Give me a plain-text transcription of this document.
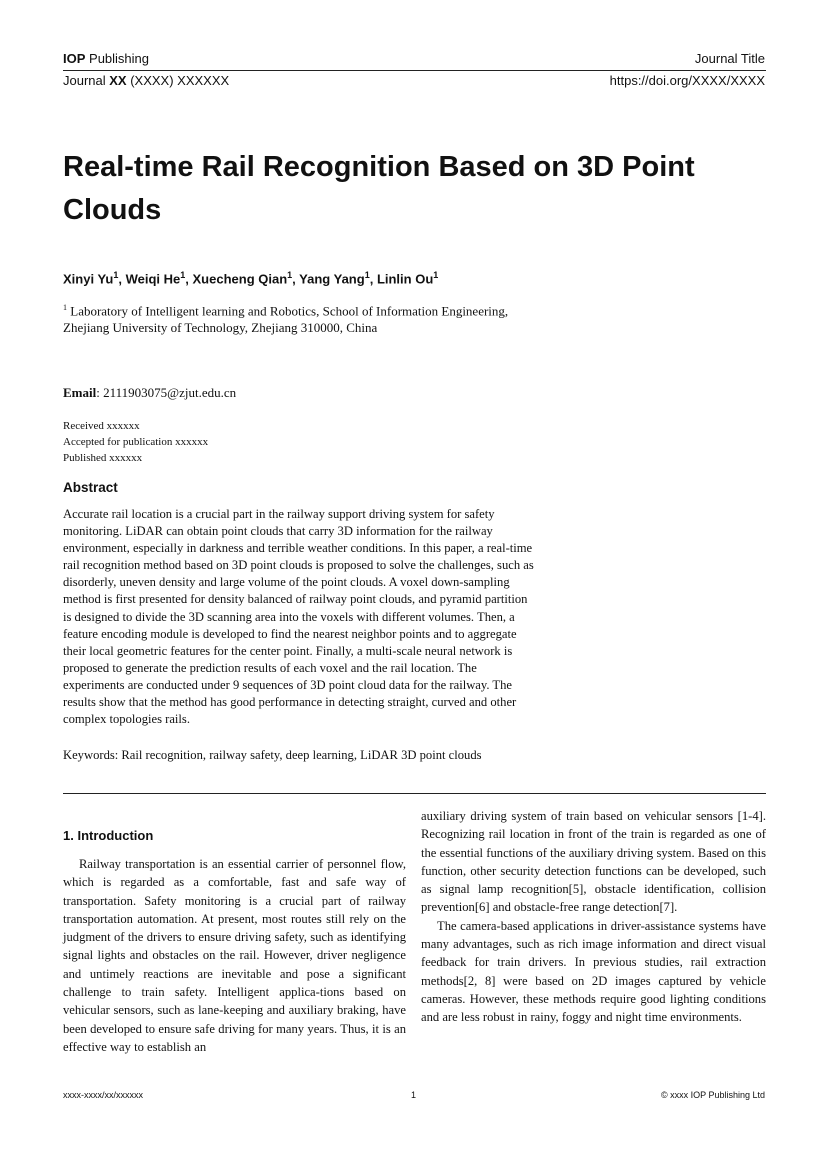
IOP Publishing	Journal Title
Journal XX (XXXX) XXXXXX	https://doi.org/XXXX/XXXX
Real-time Rail Recognition Based on 3D Point Clouds
Xinyi Yu$^1$, Weiqi He$^1$, Xuecheng Qian$^1$, Yang Yang$^1$, Linlin Ou$^1$
$^1$ Laboratory of Intelligent learning and Robotics, School of Information Engineering,
Zhejiang University of Technology, Zhejiang 310000, China
Email: 2111903075@zjut.edu.cn
Received xxxxxx
Accepted for publication xxxxxx
Published xxxxxx
Abstract
Accurate rail location is a crucial part in the railway support driving system for safety
monitoring. LiDAR can obtain point clouds that carry 3D information for the railway
environment, especially in darkness and terrible weather conditions. In this paper, a real-time
rail recognition method based on 3D point clouds is proposed to solve the challenges, such as
disorderly, uneven density and large volume of the point clouds. A voxel down-sampling
method is first presented for density balanced of railway point clouds, and pyramid partition
is designed to divide the 3D scanning area into the voxels with different volumes. Then, a
feature encoding module is developed to find the nearest neighbor points and to aggregate
their local geometric features for the center point. Finally, a multi-scale neural network is
proposed to generate the prediction results of each voxel and the rail location. The
experiments are conducted under 9 sequences of 3D point cloud data for the railway. The
results show that the method has good performance in detecting straight, curved and other
complex topologies rails.
Keywords: Rail recognition, railway safety, deep learning, LiDAR 3D point clouds
1. Introduction

Railway transportation is an essential carrier of personnel flow, which is regarded as a comfortable, fast and safe way of transportation. Safety monitoring is a crucial part of railway transportation automation. At present, most routes still rely on the judgment of the drivers to ensure driving safety, such as identifying signal lights and obstacles on the rail. However, driver negligence and untimely reactions are inevitable and pose a significant challenge to train safety. Intelligent applica-tions based on vehicular sensors, such as lane-keeping and auxiliary braking, have been developed to ensure safe driving for many years. Thus, it is an effective way to establish an

auxiliary driving system of train based on vehicular sensors [1-4]. Recognizing rail location in front of the train is regarded as one of the essential functions of the auxiliary driving system. Based on this function, other security detection functions can be developed, such as signal lamp recognition[5], obstacle identification, collision prevention[6] and obstacle-free range detection[7].

The camera-based applications in driver-assistance systems have many advantages, such as rich image information and direct visual feedback for train drivers. In previous studies, rail extraction methods[2, 8] were based on 2D images captured by vehicle cameras. However, these methods require good lighting conditions and are less robust in rainy, foggy and night time environments.

xxxx-xxxx/xx/xxxxxx	1	© xxxx IOP Publishing Ltd
